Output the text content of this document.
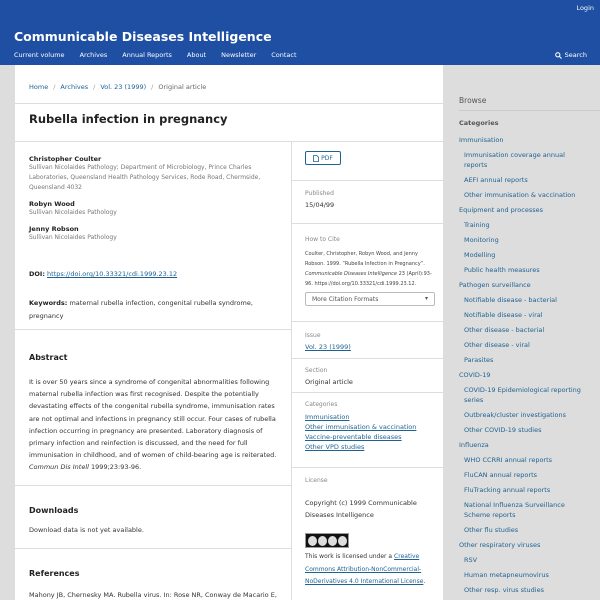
Login
Communicable Diseases Intelligence
Current volume Archives Annual Reports About Newsletter Contact	Search
Home / Archives / Vol. 23 (1999) / Original article
Rubella infection in pregnancy
Christopher Coulter
Sullivan Nicolaides Pathology; Department of Microbiology, Prince Charles Laboratories, Queensland Health Pathology Services, Rode Road, Chermside, Queensland 4032
Robyn Wood
Sullivan Nicolaides Pathology
Jenny Robson
Sullivan Nicolaides Pathology
DOI: https://doi.org/10.33321/cdi.1999.23.12
Keywords: maternal rubella infection, congenital rubella syndrome, pregnancy
Abstract
It is over 50 years since a syndrome of congenital abnormalities following maternal rubella infection was first recognised. Despite the potentially devastating effects of the congenital rubella syndrome, immunisation rates are not optimal and infections in pregnancy still occur. Four cases of rubella infection occurring in pregnancy are presented. Laboratory diagnosis of primary infection and reinfection is discussed, and the need for full immunisation in childhood, and of women of child-bearing age is reiterated. Commun Dis Intell 1999;23:93-96.
Downloads
Download data is not yet available.
References
Mahony JB, Chernesky MA. Rubella virus. In: Rose NR, Conway de Macario E,
PDF
Published
15/04/99
How to Cite
Coulter, Christopher, Robyn Wood, and Jenny Robson. 1999. “Rubella Infection in Pregnancy”. Communicable Diseases Intelligence 23 (April):93-96. https://doi.org/10.33321/cdi.1999.23.12.
More Citation Formats	▾
Issue
Vol. 23 (1999)
Section
Original article
Categories
Immunisation
Other immunisation & vaccination
Vaccine-preventable diseases
Other VPD studies
License
Copyright (c) 1999 Communicable Diseases Intelligence
This work is licensed under a Creative Commons Attribution-NonCommercial-NoDerivatives 4.0 International License.
Browse
Categories
Immunisation
Immunisation coverage annual reports
AEFI annual reports
Other immunisation & vaccination
Equipment and processes
Training
Monitoring
Modelling
Public health measures
Pathogen surveillance
Notifiable disease - bacterial
Notifiable disease - viral
Other disease - bacterial
Other disease - viral
Parasites
COVID-19
COVID-19 Epidemiological reporting series
Outbreak/cluster investigations
Other COVID-19 studies
Influenza
WHO CCRRI annual reports
FluCAN annual reports
FluTracking annual reports
National Influenza Surveillance Scheme reports
Other flu studies
Other respiratory viruses
RSV
Human metapneumovirus
Other resp. virus studies
